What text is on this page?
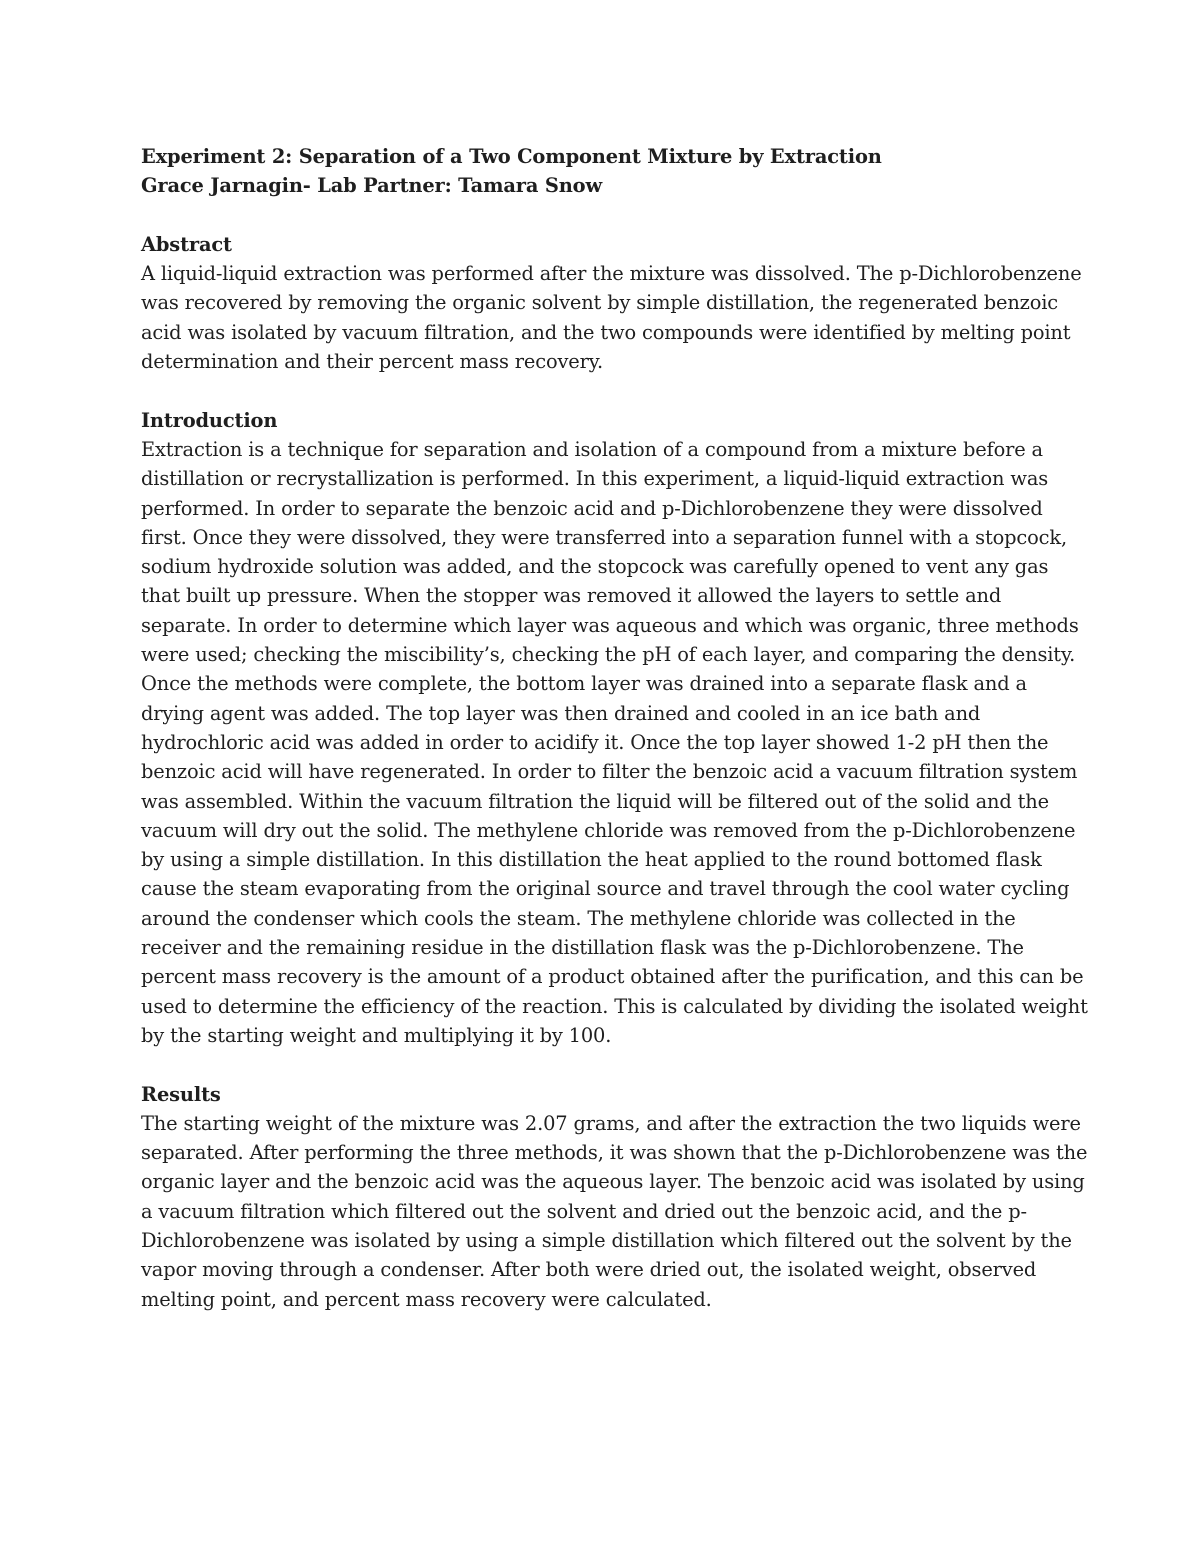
Experiment 2: Separation of a Two Component Mixture by Extraction

Grace Jarnagin- Lab Partner: Tamara Snow

Abstract

A liquid-liquid extraction was performed after the mixture was dissolved. The p-Dichlorobenzene was recovered by removing the organic solvent by simple distillation, the regenerated benzoic acid was isolated by vacuum filtration, and the two compounds were identified by melting point determination and their percent mass recovery.

Introduction

Extraction is a technique for separation and isolation of a compound from a mixture before a distillation or recrystallization is performed. In this experiment, a liquid-liquid extraction was performed. In order to separate the benzoic acid and p-Dichlorobenzene they were dissolved first. Once they were dissolved, they were transferred into a separation funnel with a stopcock, sodium hydroxide solution was added, and the stopcock was carefully opened to vent any gas that built up pressure. When the stopper was removed it allowed the layers to settle and separate. In order to determine which layer was aqueous and which was organic, three methods were used; checking the miscibility’s, checking the pH of each layer, and comparing the density. Once the methods were complete, the bottom layer was drained into a separate flask and a drying agent was added. The top layer was then drained and cooled in an ice bath and hydrochloric acid was added in order to acidify it. Once the top layer showed 1-2 pH then the benzoic acid will have regenerated. In order to filter the benzoic acid a vacuum filtration system was assembled. Within the vacuum filtration the liquid will be filtered out of the solid and the vacuum will dry out the solid. The methylene chloride was removed from the p-Dichlorobenzene by using a simple distillation. In this distillation the heat applied to the round bottomed flask cause the steam evaporating from the original source and travel through the cool water cycling around the condenser which cools the steam. The methylene chloride was collected in the receiver and the remaining residue in the distillation flask was the p-Dichlorobenzene. The percent mass recovery is the amount of a product obtained after the purification, and this can be used to determine the efficiency of the reaction. This is calculated by dividing the isolated weight by the starting weight and multiplying it by 100.

Results

The starting weight of the mixture was 2.07 grams, and after the extraction the two liquids were separated. After performing the three methods, it was shown that the p-Dichlorobenzene was the organic layer and the benzoic acid was the aqueous layer. The benzoic acid was isolated by using a vacuum filtration which filtered out the solvent and dried out the benzoic acid, and the p-Dichlorobenzene was isolated by using a simple distillation which filtered out the solvent by the vapor moving through a condenser. After both were dried out, the isolated weight, observed melting point, and percent mass recovery were calculated.
